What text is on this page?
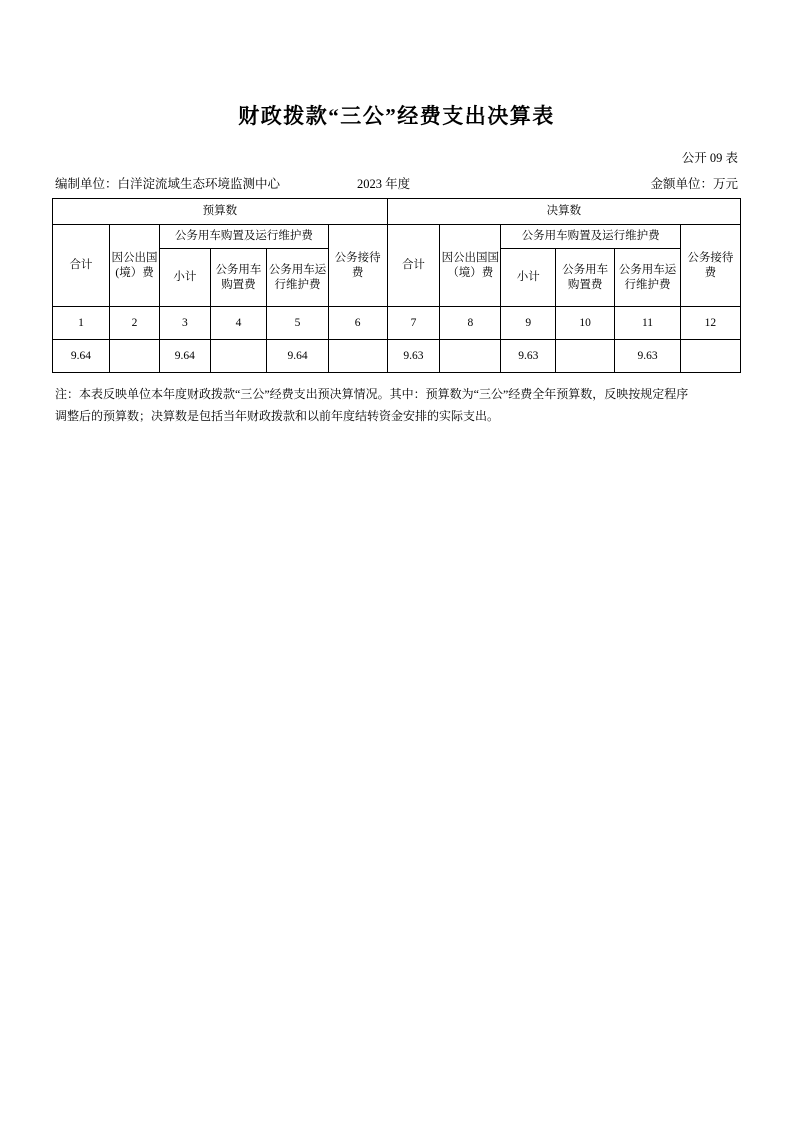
财政拨款“三公”经费支出决算表
公开 09 表
编制单位：白洋淀流域生态环境监测中心	2023 年度	金额单位：万元
预算数						决算数					
合计	因公出国(境）费	公务用车购置及运行维护费			公务接待费	合计	因公出国国（境）费	公务用车购置及运行维护费			公务接待费
		小计	公务用车购置费	公务用车运行维护费				小计	公务用车购置费	公务用车运行维护费	
1	2	3	4	5	6	7	8	9	10	11	12
9.64		9.64		9.64		9.63		9.63		9.63	
注：本表反映单位本年度财政拨款“三公”经费支出预决算情况。其中：预算数为“三公”经费全年预算数，反映按规定程序
调整后的预算数；决算数是包括当年财政拨款和以前年度结转资金安排的实际支出。
